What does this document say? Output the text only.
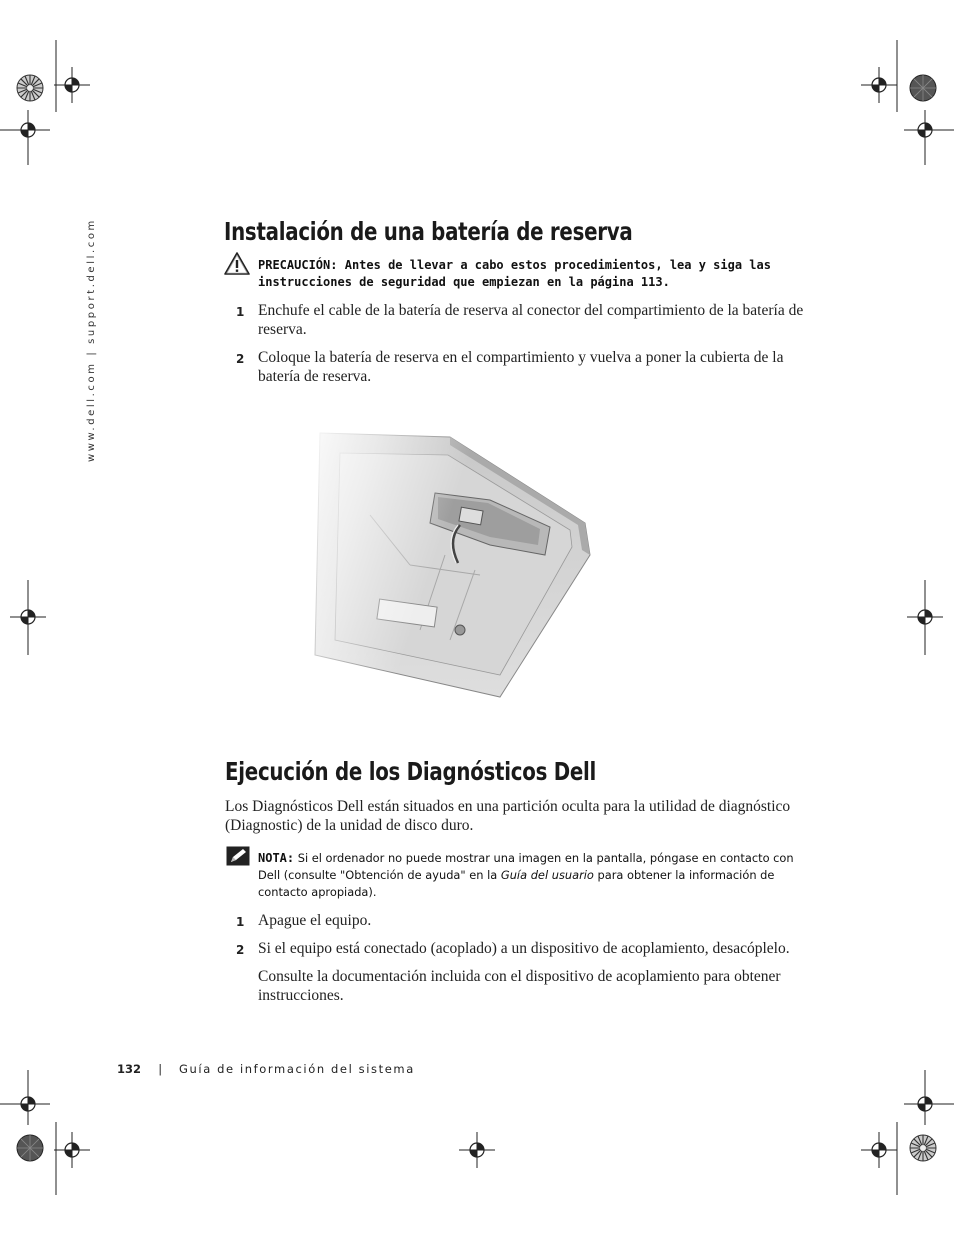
www.dell.com | support.dell.com	Instalación de una batería de reserva
PRECAUCIÓN: Antes de llevar a cabo estos procedimientos, lea y siga las instrucciones de seguridad que empiezan en la página 113.
1 Enchufe el cable de la batería de reserva al conector del compartimiento de la batería de reserva.
2 Coloque la batería de reserva en el compartimiento y vuelva a poner la cubierta de la batería de reserva.
Ejecución de los Diagnósticos Dell
Los Diagnósticos Dell están situados en una partición oculta para la utilidad de diagnóstico (Diagnostic) de la unidad de disco duro.
NOTA: Si el ordenador no puede mostrar una imagen en la pantalla, póngase en contacto con Dell (consulte "Obtención de ayuda" en la Guía del usuario para obtener la información de contacto apropiada).
1 Apague el equipo.
2 Si el equipo está conectado (acoplado) a un dispositivo de acoplamiento, desacóplelo.
Consulte la documentación incluida con el dispositivo de acoplamiento para obtener instrucciones.
132 | Guía de información del sistema
